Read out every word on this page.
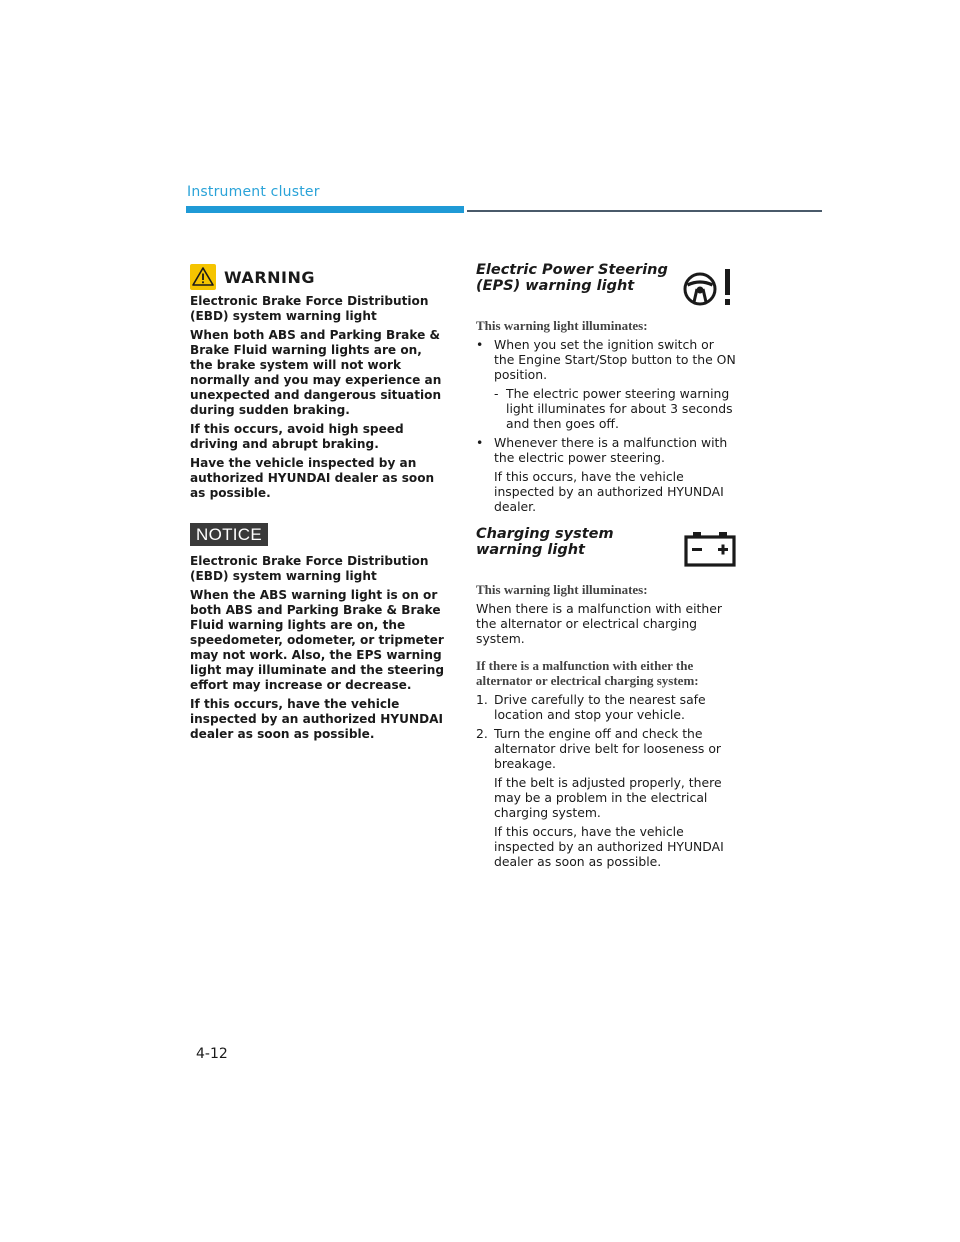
Instrument cluster
WARNING

Electronic Brake Force Distribution (EBD) system warning light

When both ABS and Parking Brake & Brake Fluid warning lights are on, the brake system will not work normally and you may experience an unexpected and dangerous situation during sudden braking.

If this occurs, avoid high speed driving and abrupt braking.

Have the vehicle inspected by an authorized HYUNDAI dealer as soon as possible.

NOTICE

Electronic Brake Force Distribution (EBD) system warning light

When the ABS warning light is on or both ABS and Parking Brake & Brake Fluid warning lights are on, the speedometer, odometer, or tripmeter may not work. Also, the EPS warning light may illuminate and the steering effort may increase or decrease.

If this occurs, have the vehicle inspected by an authorized HYUNDAI dealer as soon as possible.

Electric Power Steering (EPS) warning light

This warning light illuminates:

• When you set the ignition switch or the Engine Start/Stop button to the ON position.
- The electric power steering warning light illuminates for about 3 seconds and then goes off.
• Whenever there is a malfunction with the electric power steering.

If this occurs, have the vehicle inspected by an authorized HYUNDAI dealer.

Charging system warning light

This warning light illuminates:

When there is a malfunction with either the alternator or electrical charging system.

If there is a malfunction with either the alternator or electrical charging system:

1. Drive carefully to the nearest safe location and stop your vehicle.
2. Turn the engine off and check the alternator drive belt for looseness or breakage.

If the belt is adjusted properly, there may be a problem in the electrical charging system.

If this occurs, have the vehicle inspected by an authorized HYUNDAI dealer as soon as possible.

4-12
